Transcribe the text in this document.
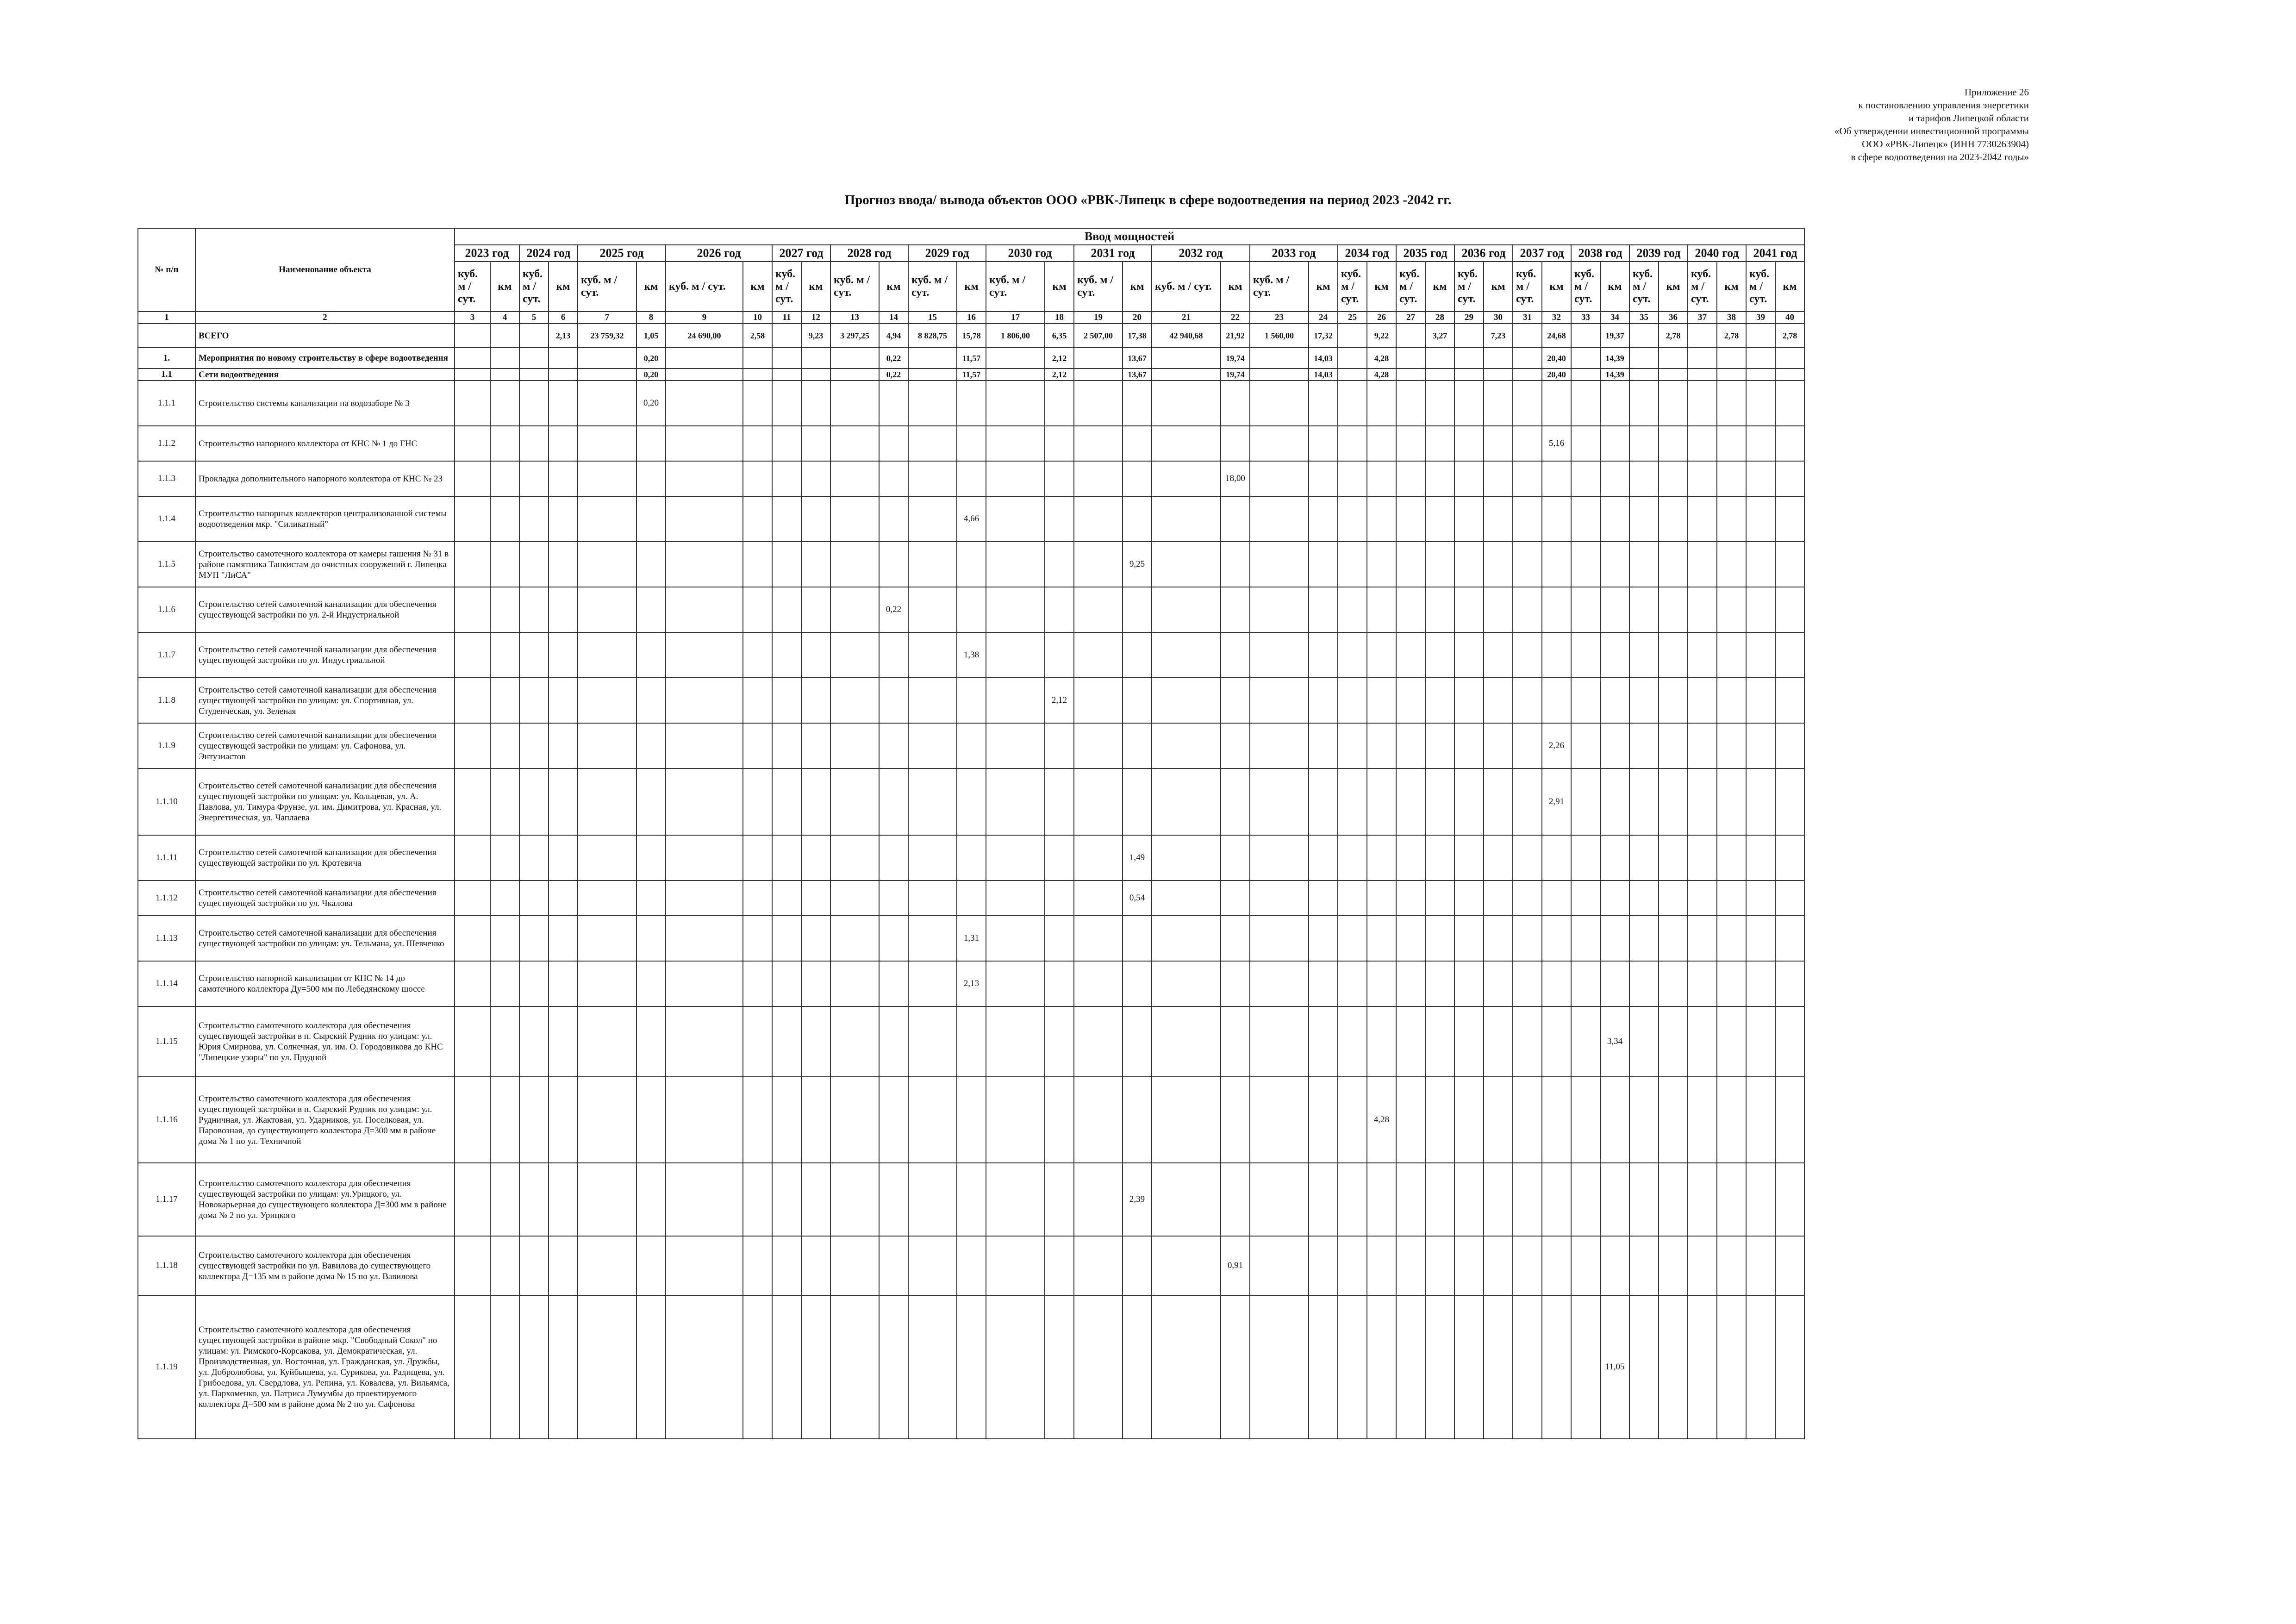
Приложение 26
к постановлению управления энергетики
и тарифов Липецкой области
«Об утверждении инвестиционной программы
ООО «РВК-Липецк» (ИНН 7730263904)
в сфере водоотведения на 2023-2042 годы»
Прогноз ввода/ вывода объектов ООО «РВК-Липецк в сфере водоотведения на период 2023 -2042 гг.
№ п/п	Наименование объекта	Ввод мощностей																																					
		2023 год		2024 год		2025 год		2026 год		2027 год		2028 год		2029 год		2030 год		2031 год		2032 год		2033 год		2034 год		2035 год		2036 год		2037 год		2038 год		2039 год		2040 год		2041 год	
		куб. м / сут.	км	куб. м / сут.	км	куб. м / сут.	км	куб. м / сут.	км	куб. м / сут.	км	куб. м / сут.	км	куб. м / сут.	км	куб. м / сут.	км	куб. м / сут.	км	куб. м / сут.	км	куб. м / сут.	км	куб. м / сут.	км	куб. м / сут.	км	куб. м / сут.	км	куб. м / сут.	км	куб. м / сут.	км	куб. м / сут.	км	куб. м / сут.	км	куб. м / сут.	км
1	2	3	4	5	6	7	8	9	10	11	12	13	14	15	16	17	18	19	20	21	22	23	24	25	26	27	28	29	30	31	32	33	34	35	36	37	38	39	40
	ВСЕГО				2,13	23 759,32	1,05	24 690,00	2,58		9,23	3 297,25	4,94	8 828,75	15,78	1 806,00	6,35	2 507,00	17,38	42 940,68	21,92	1 560,00	17,32		9,22		3,27		7,23		24,68		19,37		2,78		2,78		2,78
1.	Мероприятия по новому строительству в сфере водоотведения						0,20						0,22		11,57		2,12		13,67		19,74		14,03		4,28						20,40		14,39						
1.1	Сети водоотведения						0,20						0,22		11,57		2,12		13,67		19,74		14,03		4,28						20,40		14,39						
1.1.1	Строительство системы канализации на водозаборе № 3						0,20																																
1.1.2	Строительство напорного коллектора от КНС № 1 до ГНС																														5,16								
1.1.3	Прокладка дополнительного напорного коллектора от КНС № 23																				18,00																		
1.1.4	Строительство напорных коллекторов централизованной системы водоотведения мкр. "Силикатный"														4,66																								
1.1.5	Строительство самотечного коллектора от камеры гашения № 31 в районе памятника Танкистам до очистных сооружений г. Липецка МУП "ЛиСА"																		9,25																				
1.1.6	Строительство сетей самотечной канализации для обеспечения существующей застройки по ул. 2-й Индустриальной												0,22																										
1.1.7	Строительство сетей самотечной канализации для обеспечения существующей застройки по ул. Индустриальной														1,38																								
1.1.8	Строительство сетей самотечной канализации для обеспечения существующей застройки по улицам: ул. Спортивная, ул. Студенческая, ул. Зеленая																2,12																						
1.1.9	Строительство сетей самотечной канализации для обеспечения существующей застройки по улицам: ул. Сафонова, ул. Энтузиастов																														2,26								
1.1.10	Строительство сетей самотечной канализации для обеспечения существующей застройки по улицам: ул. Кольцевая, ул. А. Павлова, ул. Тимура Фрунзе, ул. им. Димитрова, ул. Красная, ул. Энергетическая, ул. Чаплаева																														2,91								
1.1.11	Строительство сетей самотечной канализации для обеспечения существующей застройки по ул. Кротевича																		1,49																				
1.1.12	Строительство сетей самотечной канализации для обеспечения существующей застройки по ул. Чкалова																		0,54																				
1.1.13	Строительство сетей самотечной канализации для обеспечения существующей застройки по улицам: ул. Тельмана, ул. Шевченко														1,31																								
1.1.14	Строительство напорной канализации от КНС № 14 до самотечного коллектора Ду=500 мм по Лебедянскому шоссе														2,13																								
1.1.15	Строительство самотечного коллектора для обеспечения существующей застройки в п. Сырский Рудник по улицам: ул. Юрия Смирнова, ул. Солнечная, ул. им. О. Городовикова до КНС "Липецкие узоры" по ул. Прудной																																3,34						
1.1.16	Строительство самотечного коллектора для обеспечения существующей застройки в п. Сырский Рудник по улицам: ул. Рудничная, ул. Жактовая, ул. Ударников, ул. Поселковая, ул. Паровозная, до существующего коллектора Д=300 мм в районе дома № 1 по ул. Техничной																								4,28														
1.1.17	Строительство самотечного коллектора для обеспечения существующей застройки по улицам: ул.Урицкого, ул. Новокарьерная до существующего коллектора Д=300 мм в районе дома № 2 по ул. Урицкого																		2,39																				
1.1.18	Строительство самотечного коллектора для обеспечения существующей застройки по ул. Вавилова до существующего коллектора Д=135 мм в районе дома № 15 по ул. Вавилова																				0,91																		
1.1.19	Строительство самотечного коллектора для обеспечения существующей застройки в районе мкр. "Свободный Сокол" по улицам: ул. Римского-Корсакова, ул. Демократическая, ул. Производственная, ул. Восточная, ул. Гражданская, ул. Дружбы, ул. Добролюбова, ул. Куйбышева, ул. Сурикова, ул. Радищева, ул. Грибоедова, ул. Свердлова, ул. Репина, ул. Ковалева, ул. Вильямса, ул. Пархоменко, ул. Патриса Лумумбы до проектируемого коллектора Д=500 мм в районе дома № 2 по ул. Сафонова																																11,05						
